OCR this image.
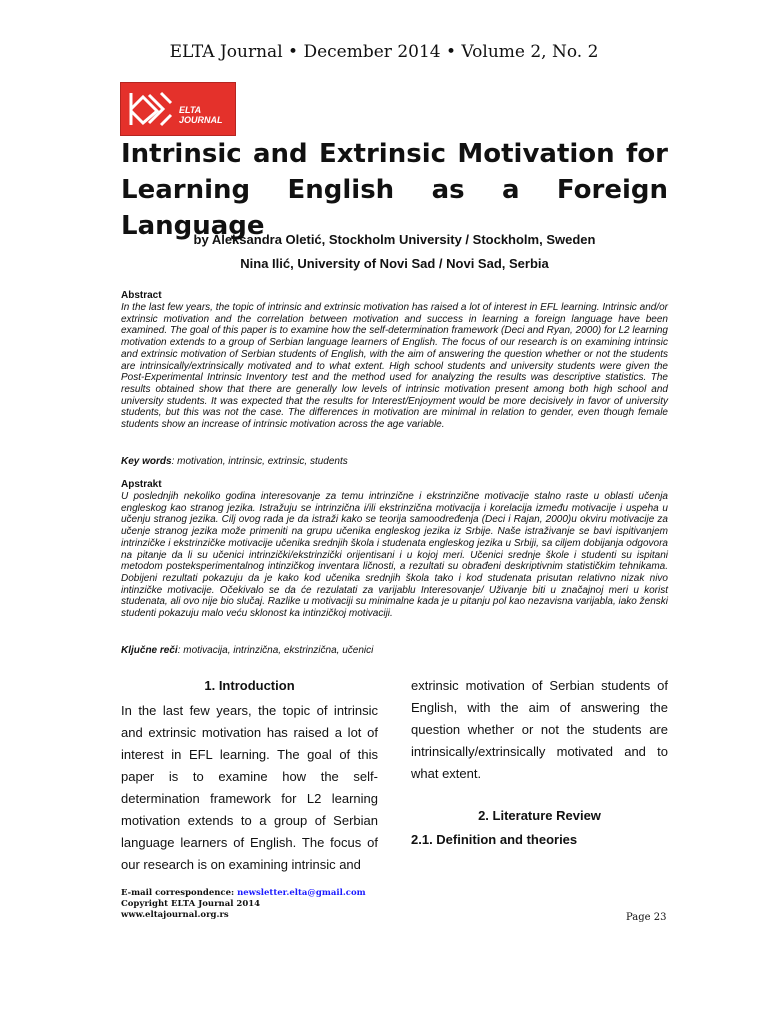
ELTA Journal • December 2014 • Volume 2, No. 2
ELTA
JOURNAL
Intrinsic and Extrinsic Motivation for Learning English as a Foreign Language
by Aleksandra Oletić, Stockholm University / Stockholm, Sweden
Nina Ilić, University of Novi Sad / Novi Sad, Serbia
Abstract
In the last few years, the topic of intrinsic and extrinsic motivation has raised a lot of interest in EFL learning. Intrinsic and/or extrinsic motivation and the correlation between motivation and success in learning a foreign language have been examined. The goal of this paper is to examine how the self-determination framework (Deci and Ryan, 2000) for L2 learning motivation extends to a group of Serbian language learners of English. The focus of our research is on examining intrinsic and extrinsic motivation of Serbian students of English, with the aim of answering the question whether or not the students are intrinsically/extrinsically motivated and to what extent. High school students and university students were given the Post-Experimental Intrinsic Inventory test and the method used for analyzing the results was descriptive statistics. The results obtained show that there are generally low levels of intrinsic motivation present among both high school and university students. It was expected that the results for Interest/Enjoyment would be more decisively in favor of university students, but this was not the case. The differences in motivation are minimal in relation to gender, even though female students show an increase of intrinsic motivation across the age variable.
Key words: motivation, intrinsic, extrinsic, students
Apstrakt
U poslednjih nekoliko godina interesovanje za temu intrinzične i ekstrinzične motivacije stalno raste u oblasti učenja engleskog kao stranog jezika. Istražuju se intrinzična i/ili ekstrinzična motivacija i korelacija između motivacije i uspeha u učenju stranog jezika. Cilj ovog rada je da istraži kako se teorija samoodređenja (Deci i Rajan, 2000)u okviru motivacije za učenje stranog jezika može primeniti na grupu učenika engleskog jezika iz Srbije. Naše istraživanje se bavi ispitivanjem intrinzičke i ekstrinzičke motivacije učenika srednjih škola i studenata engleskog jezika u Srbiji, sa ciljem dobijanja odgovora na pitanje da li su učenici intrinzički/ekstrinzički orijentisani i u kojoj meri. Učenici srednje škole i studenti su ispitani metodom posteksperimentalnog intinzičkog inventara ličnosti, a rezultati su obrađeni deskriptivnim statističkim tehnikama. Dobijeni rezultati pokazuju da je kako kod učenika srednjih škola tako i kod studenata prisutan relativno nizak nivo intinzičke motivacije. Očekivalo se da će rezulatati za varijablu Interesovanje/ Uživanje biti u značajnoj meri u korist studenata, ali ovo nije bio slučaj. Razlike u motivaciji su minimalne kada je u pitanju pol kao nezavisna varijabla, iako ženski studenti pokazuju malo veću sklonost ka intinzičkoj motivaciji.
Ključne reči: motivacija, intrinzična, ekstrinzična, učenici
1. Introduction
In the last few years, the topic of intrinsic and extrinsic motivation has raised a lot of interest in EFL learning. The goal of this paper is to examine how the self-determination framework for L2 learning motivation extends to a group of Serbian language learners of English. The focus of our research is on examining intrinsic and
extrinsic motivation of Serbian students of English, with the aim of answering the question whether or not the students are intrinsically/extrinsically motivated and to what extent.
2. Literature Review
2.1. Definition and theories
E-mail correspondence: newsletter.elta@gmail.com
Copyright ELTA Journal 2014
www.eltajournal.org.rs	Page 23
